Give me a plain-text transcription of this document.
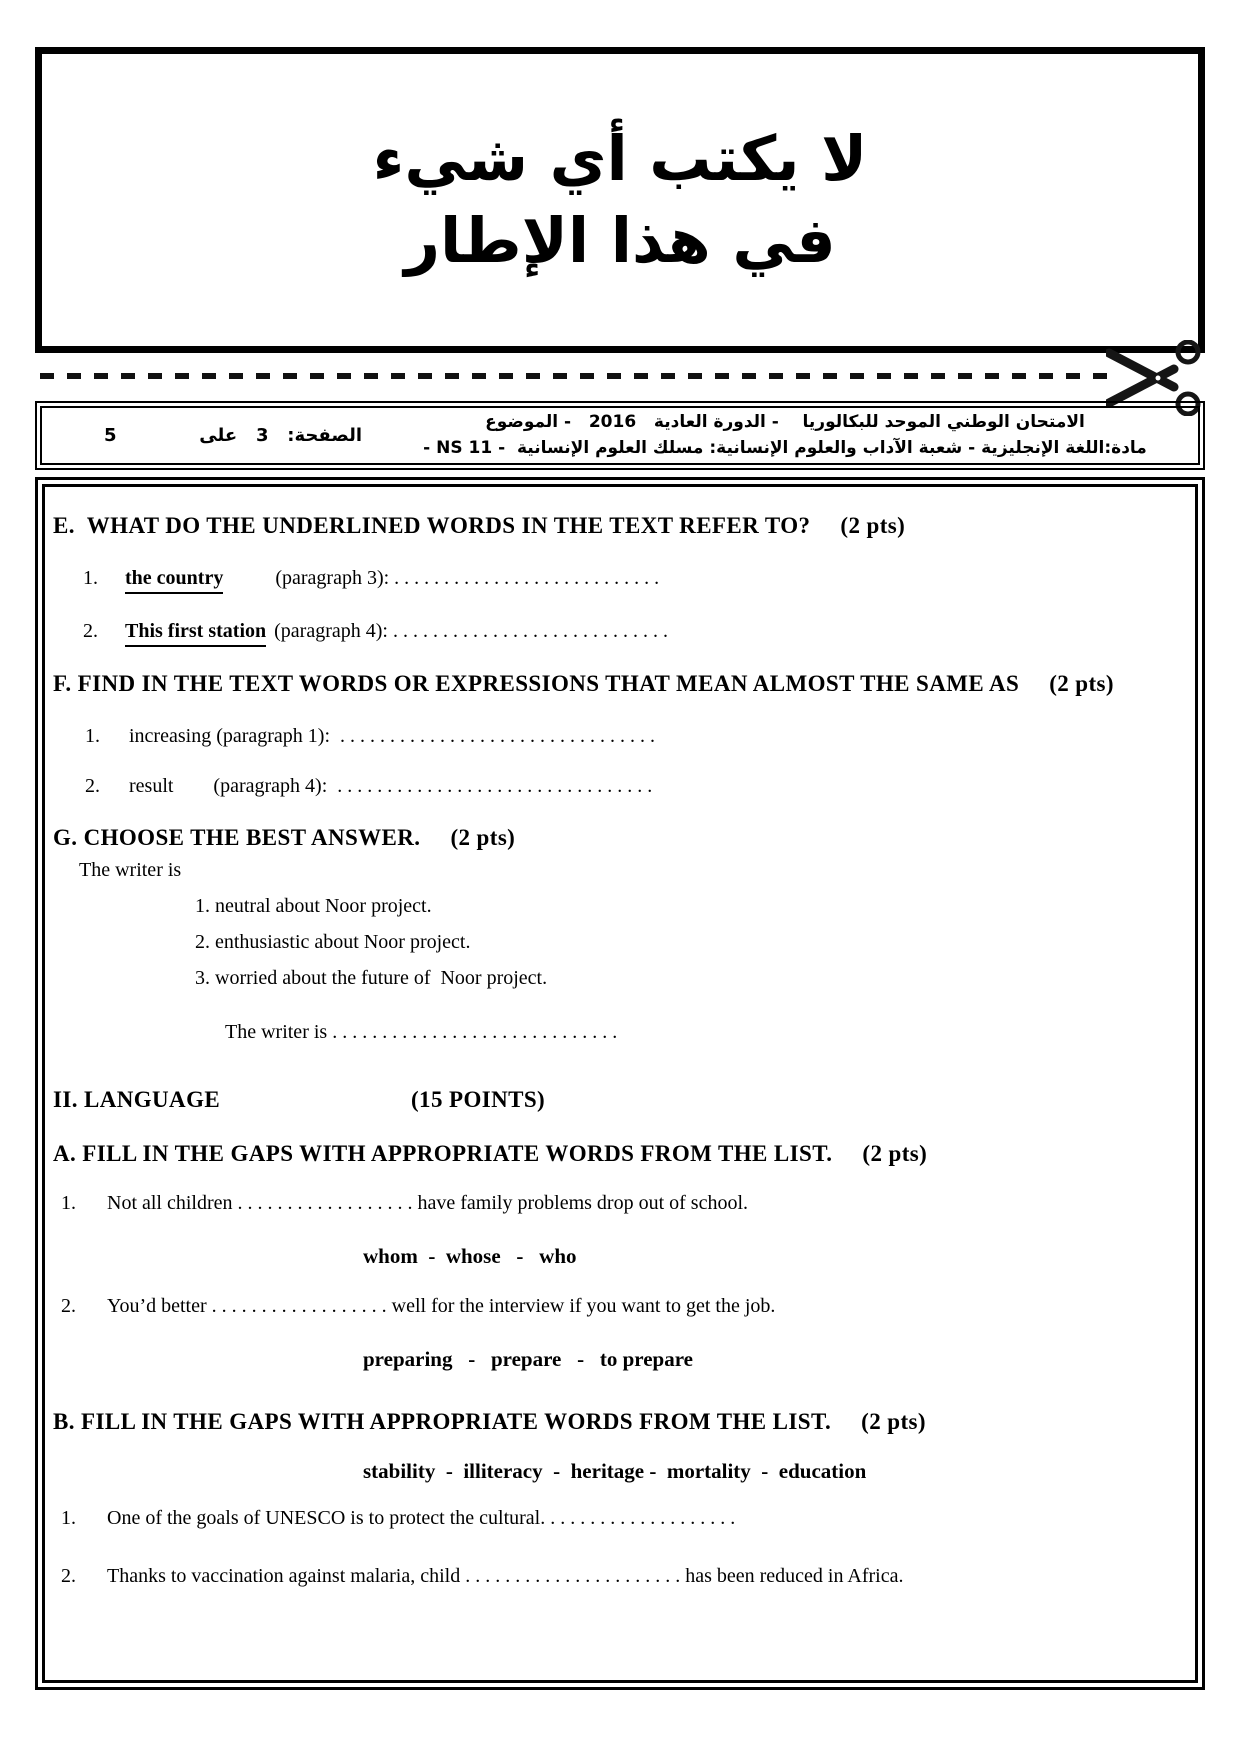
لا يكتب أي شيء
في هذا الإطار
الامتحان الوطني الموحد للبكالوريا    - الدورة العادية   2016   - الموضوع
مادة:اللغة الإنجليزية - شعبة الآداب والعلوم الإنسانية: مسلك العلوم الإنسانية  - NS 11 -
الصفحة:   3   على
5
E.  WHAT DO THE UNDERLINED WORDS IN THE TEXT REFER TO? (2 pts)
1.	the country	(paragraph 3): . . . . . . . . . . . . . . . . . . . . . . . . . . .
2.	This first station (paragraph 4): . . . . . . . . . . . . . . . . . . . . . . . . . . . .
F. FIND IN THE TEXT WORDS OR EXPRESSIONS THAT MEAN ALMOST THE SAME AS (2 pts)
1.	increasing (paragraph 1):  . . . . . . . . . . . . . . . . . . . . . . . . . . . . . . . .
2.	result        (paragraph 4):  . . . . . . . . . . . . . . . . . . . . . . . . . . . . . . . .
G. CHOOSE THE BEST ANSWER. (2 pts)
The writer is
1. neutral about Noor project.
2. enthusiastic about Noor project.
3. worried about the future of  Noor project.
The writer is . . . . . . . . . . . . . . . . . . . . . . . . . . . . .
II. LANGUAGE	(15 POINTS)
A. FILL IN THE GAPS WITH APPROPRIATE WORDS FROM THE LIST. (2 pts)
1.	Not all children . . . . . . . . . . . . . . . . . . have family problems drop out of school.
whom  -  whose   -   who
2.	You’d better . . . . . . . . . . . . . . . . . . well for the interview if you want to get the job.
preparing   -   prepare   -   to prepare
B. FILL IN THE GAPS WITH APPROPRIATE WORDS FROM THE LIST. (2 pts)
stability  -  illiteracy  -  heritage -  mortality  -  education
1.	One of the goals of UNESCO is to protect the cultural. . . . . . . . . . . . . . . . . . . .
2.	Thanks to vaccination against malaria, child . . . . . . . . . . . . . . . . . . . . . . has been reduced in Africa.
